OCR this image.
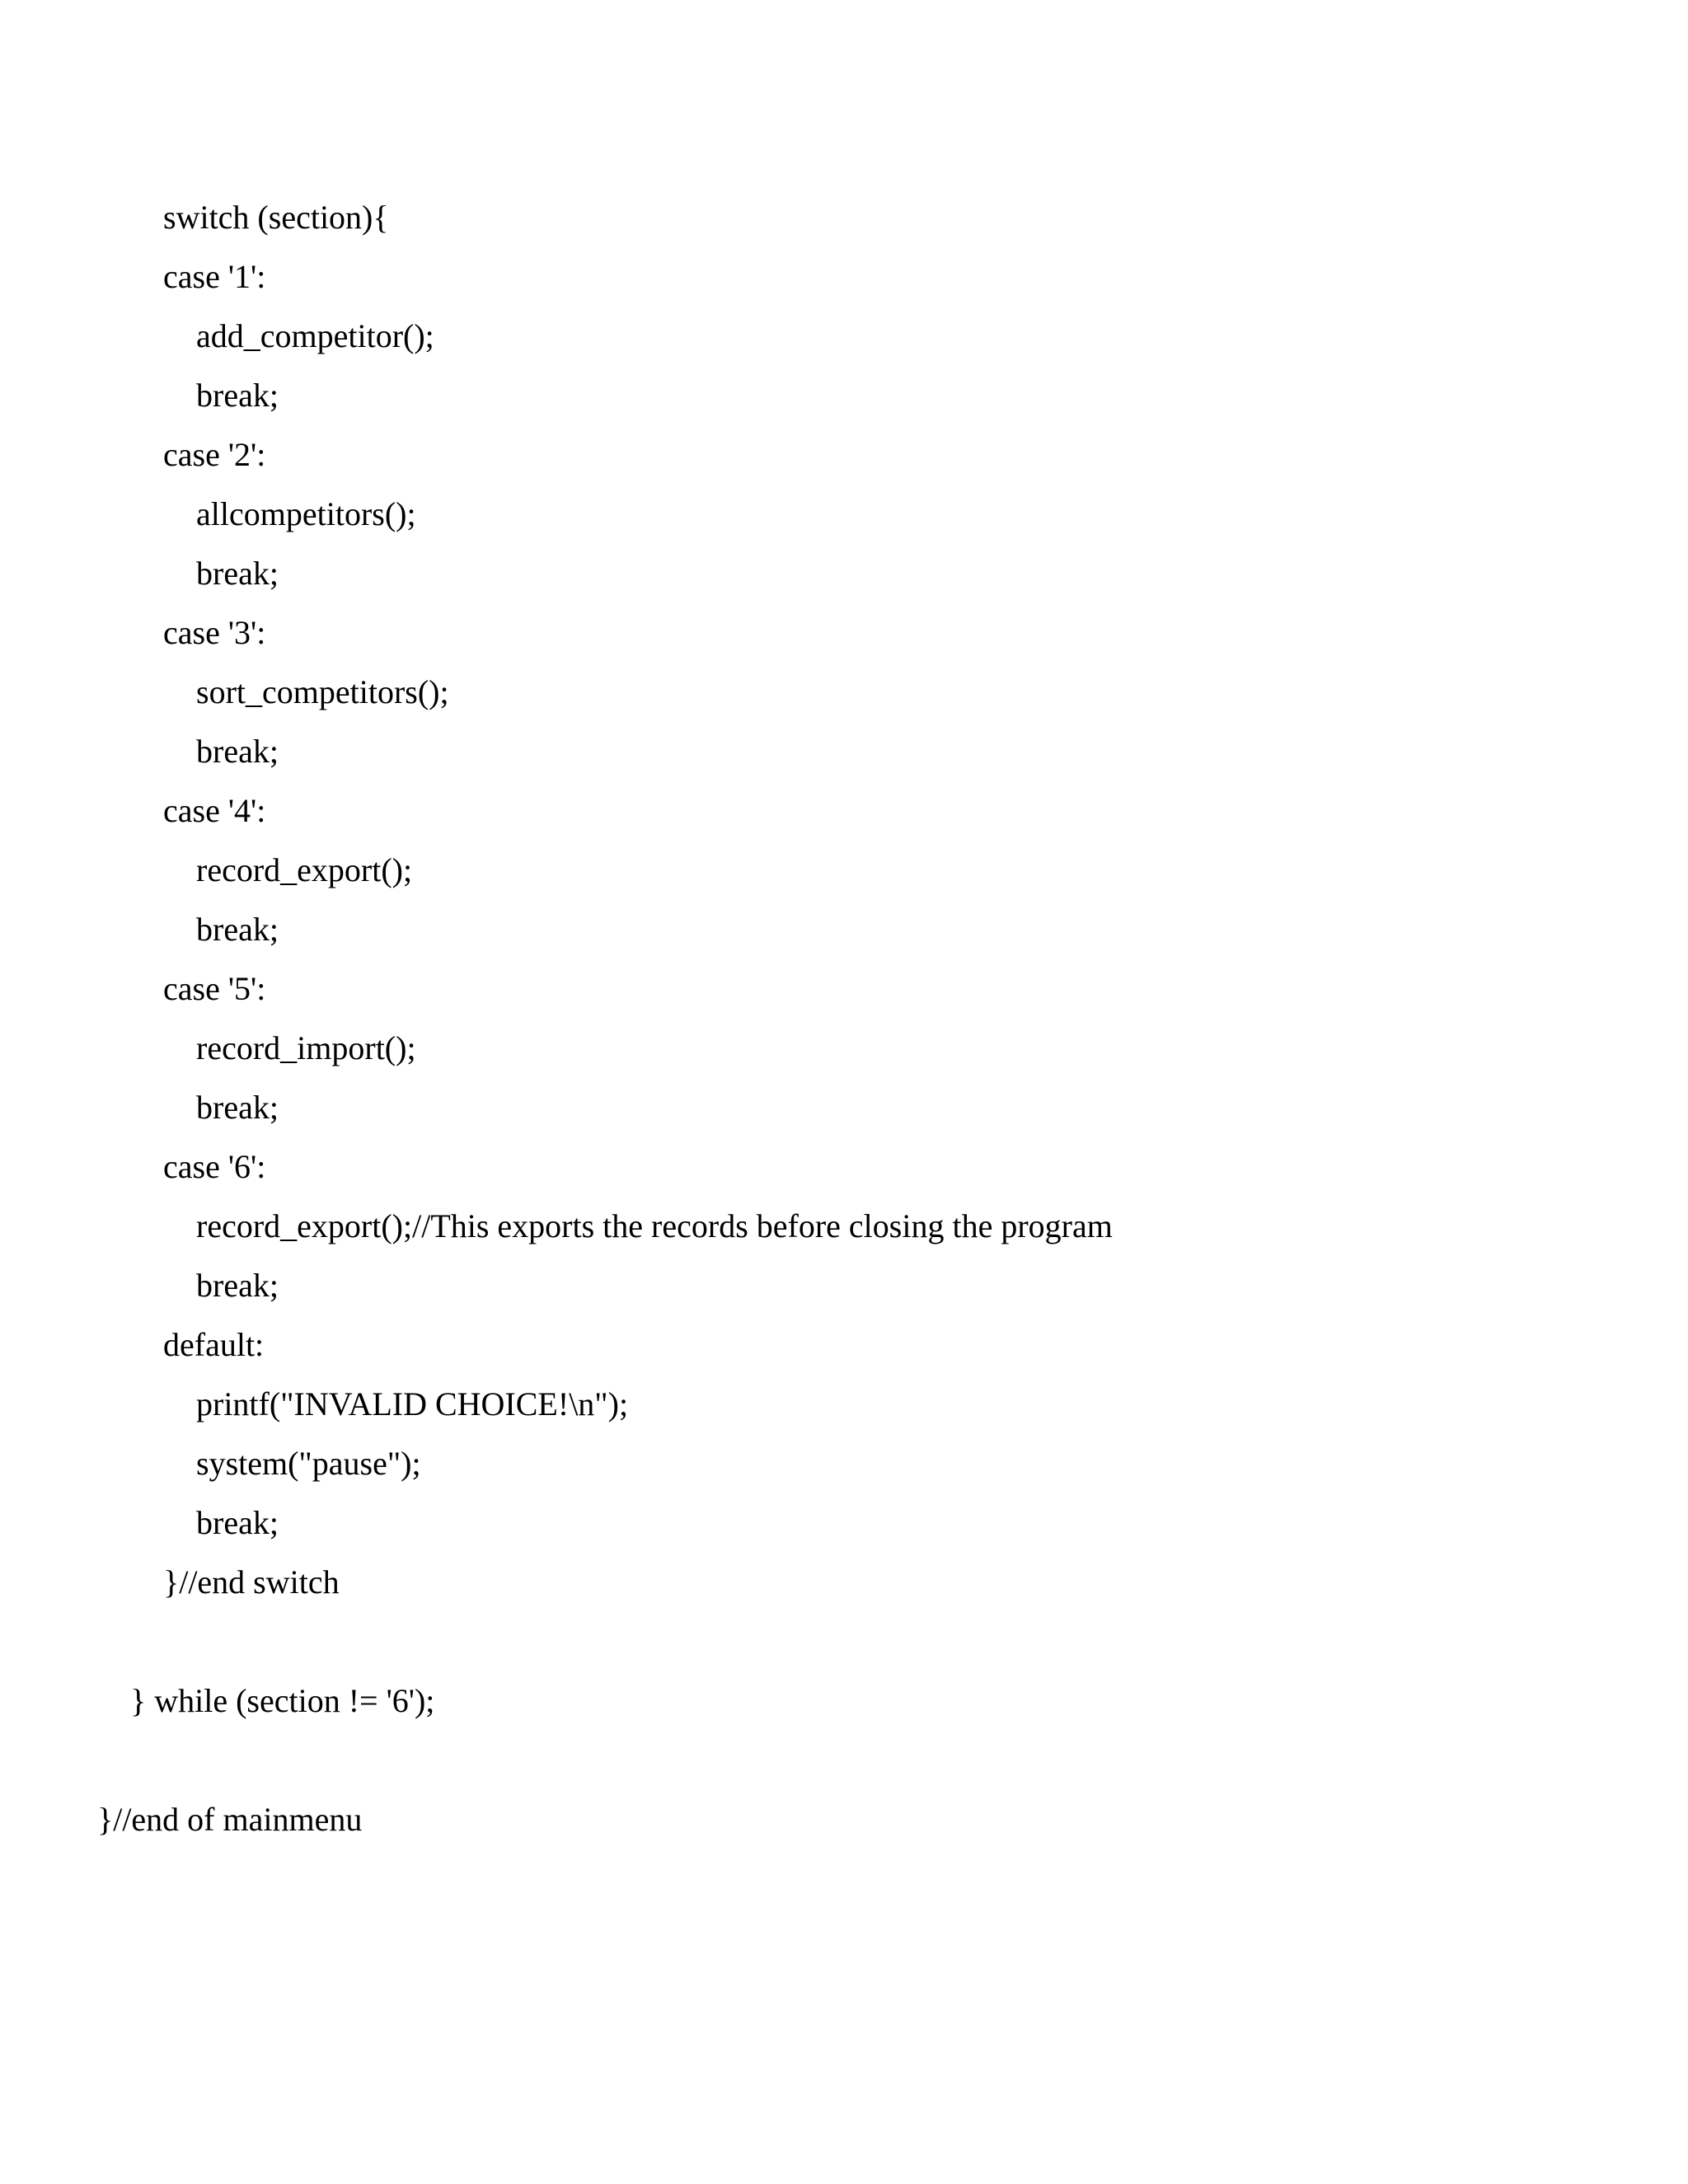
switch (section){

case '1':

add_competitor();

break;

case '2':

allcompetitors();

break;

case '3':

sort_competitors();

break;

case '4':

record_export();

break;

case '5':

record_import();

break;

case '6':

record_export();//This exports the records before closing the program

break;

default:

printf("INVALID CHOICE!\n");

system("pause");

break;

}//end switch

} while (section != '6');

}//end of mainmenu
